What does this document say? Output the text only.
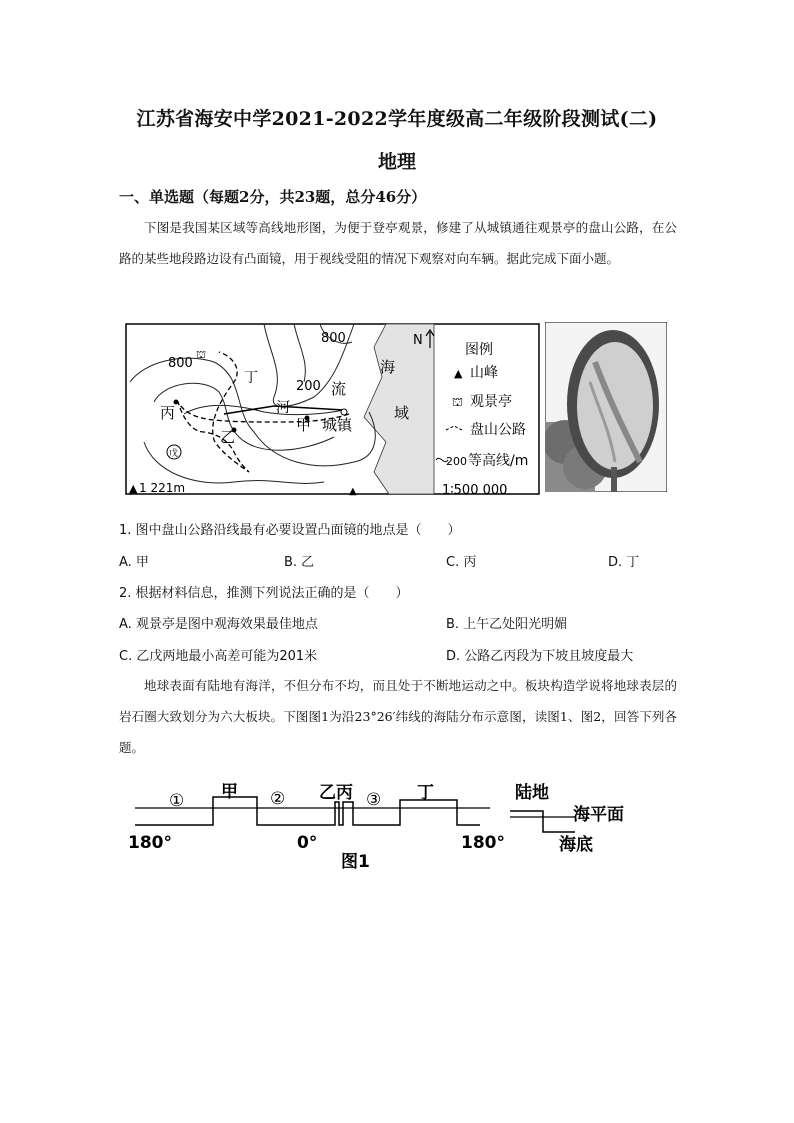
江苏省海安中学2021-2022学年度级高二年级阶段测试(二)
地理
一、单选题（每题2分，共23题，总分46分）
下图是我国某区域等高线地形图，为便于登亭观景，修建了从城镇通往观景亭的盘山公路，在公路的某些地段路边设有凸面镜，用于视线受阻的情况下观察对向车辆。据此完成下面小题。
▲	▲
⛫
800
800
200
丁
丙
乙
甲
戊
流
河
城镇
海
域
N
1 221m	1∶500 000
图例
▲ 山峰
⛫ 观景亭
盘山公路
200 等高线/m
1. 图中盘山公路沿线最有必要设置凸面镜的地点是（　　）
A. 甲	B. 乙	C. 丙	D. 丁
2. 根据材料信息，推测下列说法正确的是（　　）
A. 观景亭是图中观海效果最佳地点	B. 上午乙处阳光明媚
C. 乙戊两地最小高差可能为201米	D. 公路乙丙段为下坡且坡度最大
地球表面有陆地有海洋，不但分布不均，而且处于不断地运动之中。板块构造学说将地球表层的岩石圈大致划分为六大板块。下图图1为沿23°26′纬线的海陆分布示意图，读图1、图2，回答下列各题。
①	②	③
甲	乙丙	丁
180°	0°	180°
图1
陆地
海平面
海底
